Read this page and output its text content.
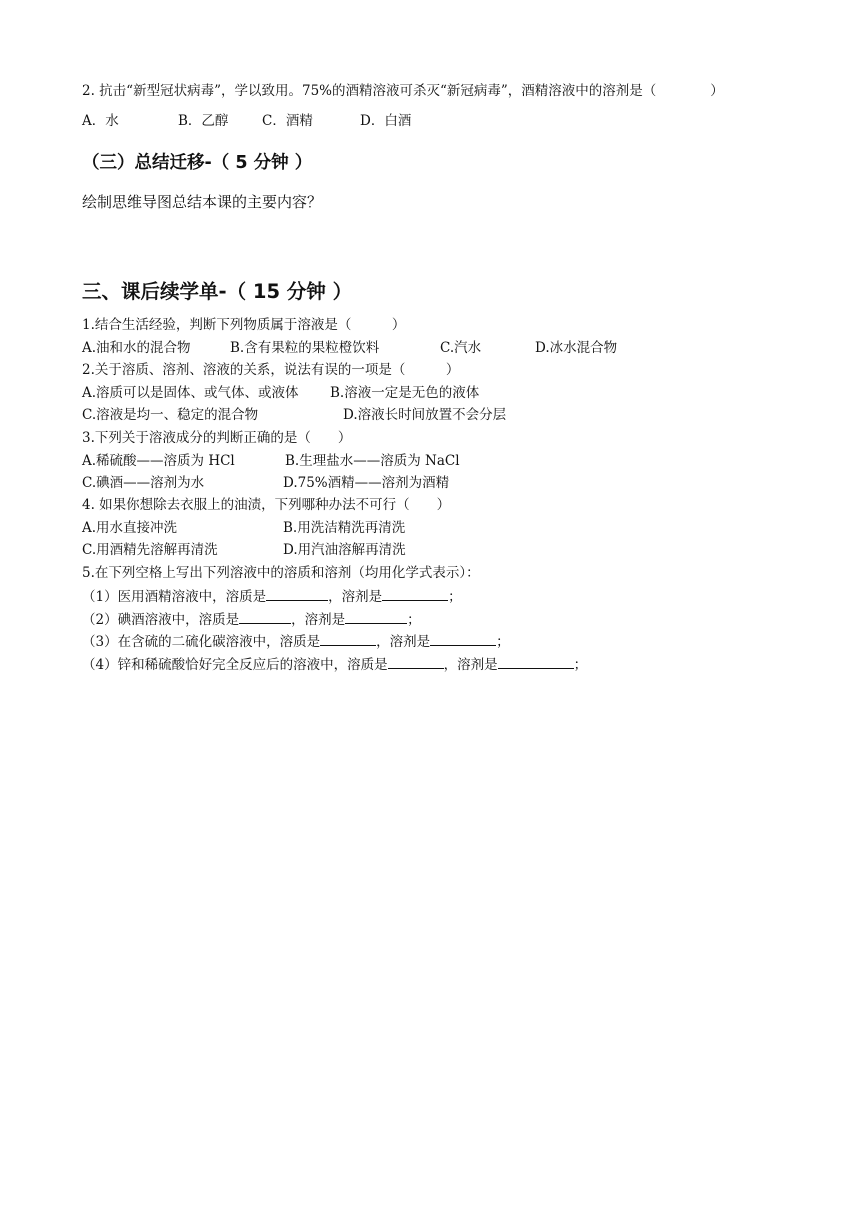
2. 抗击“新型冠状病毒”，学以致用。75%的酒精溶液可杀灭“新冠病毒”，酒精溶液中的溶剂是（　　　　）
A．水	B．乙醇 C．酒精	D．白酒
（三）总结迁移-（ 5 分钟 ）
绘制思维导图总结本课的主要内容？
三、课后续学单-（ 15 分钟 ）
1.结合生活经验，判断下列物质属于溶液是（　　　）
A.油和水的混合物	B.含有果粒的果粒橙饮料	C.汽水	D.冰水混合物
2.关于溶质、溶剂、溶液的关系，说法有误的一项是（　　　）
A.溶质可以是固体、或气体、或液体 B.溶液一定是无色的液体
C.溶液是均一、稳定的混合物	D.溶液长时间放置不会分层
3.下列关于溶液成分的判断正确的是（　　）
A.稀硫酸——溶质为 HCl	B.生理盐水——溶质为 NaCl
C.碘酒——溶剂为水	D.75%酒精——溶剂为酒精
4. 如果你想除去衣服上的油渍，下列哪种办法不可行（　　）
A.用水直接冲洗	B.用洗洁精洗再清洗
C.用酒精先溶解再清洗	D.用汽油溶解再清洗
5.在下列空格上写出下列溶液中的溶质和溶剂（均用化学式表示）：
（1）医用酒精溶液中，溶质是	，溶剂是	；
（2）碘酒溶液中，溶质是	，溶剂是	；
（3）在含硫的二硫化碳溶液中，溶质是	，溶剂是	；
（4）锌和稀硫酸恰好完全反应后的溶液中，溶质是	，溶剂是	；
